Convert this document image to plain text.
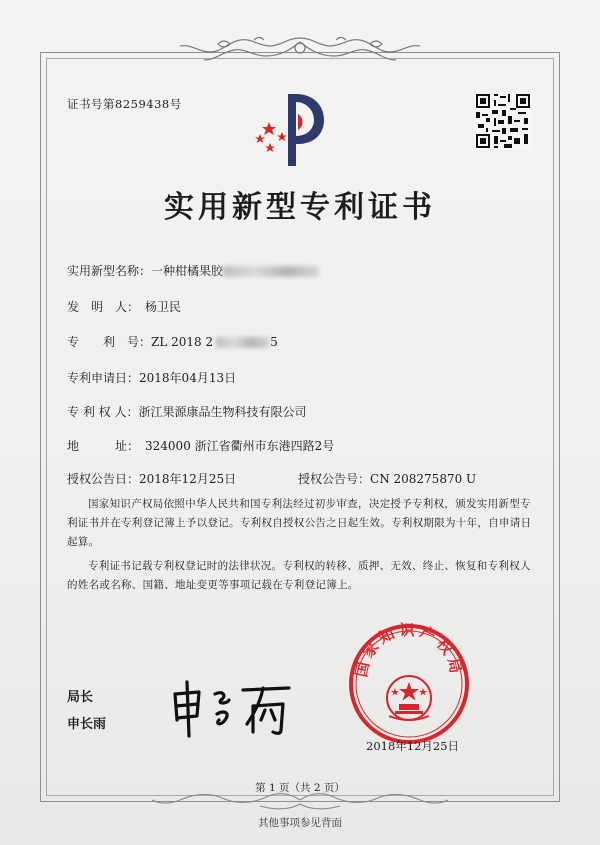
证书号第8259438号
实用新型专利证书
实用新型名称：一种柑橘果胶
发　明　人： 杨卫民
专　　利　号：ZL 2018 2	5
专利申请日：2018年04月13日
专 利 权 人：浙江果源康品生物科技有限公司
地　　　址： 324000 浙江省衢州市东港四路2号
授权公告日：2018年12月25日	授权公告号：CN 208275870 U
国家知识产权局依照中华人民共和国专利法经过初步审查，决定授予专利权，颁发实用新型专利证书并在专利登记簿上予以登记。专利权自授权公告之日起生效。专利权期限为十年，自申请日起算。
专利证书记载专利权登记时的法律状况。专利权的转移、质押、无效、终止、恢复和专利权人的姓名或名称、国籍、地址变更等事项记载在专利登记簿上。
局长
申长雨
国家知识产权局
2018年12月25日
第 1 页（共 2 页）
其他事项参见背面
